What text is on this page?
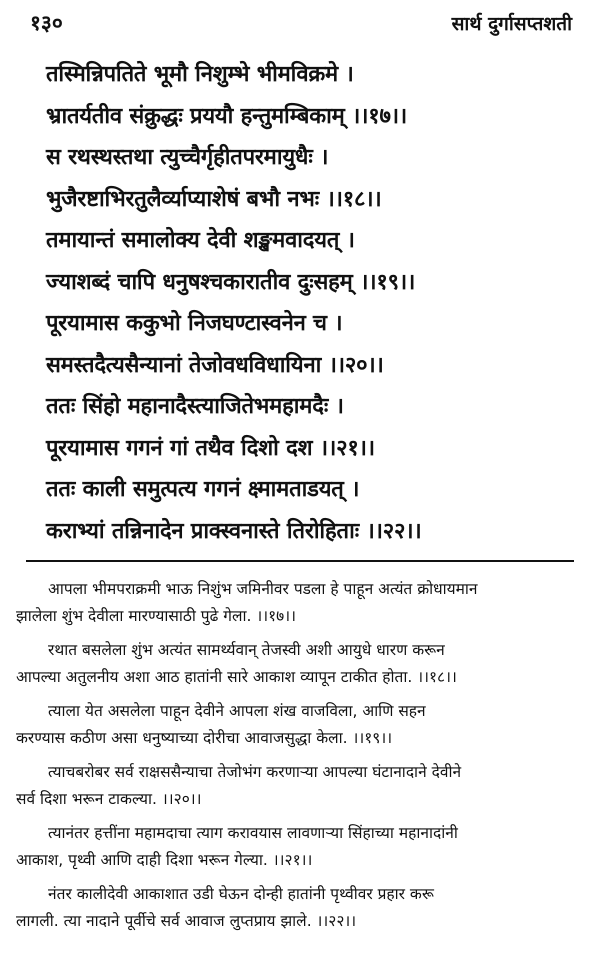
१३०	सार्थ दुर्गासप्तशती
तस्मिन्निपतिते भूमौ निशुम्भे भीमविक्रमे ।
भ्रातर्यतीव संक्रुद्धः प्रययौ हन्तुमम्बिकाम् ।।१७।।
स रथस्थस्तथा त्युच्चैर्गृहीतपरमायुधैः ।
भुजैरष्टाभिरतुलैर्व्याप्याशेषं बभौ नभः ।।१८।।
तमायान्तं समालोक्य देवी शङ्खमवादयत् ।
ज्याशब्दं चापि धनुषश्चकारातीव दुःसहम् ।।१९।।
पूरयामास ककुभो निजघण्टास्वनेन च ।
समस्तदैत्यसैन्यानां तेजोवधविधायिना ।।२०।।
ततः सिंहो महानादैस्त्याजितेभमहामदैः ।
पूरयामास गगनं गां तथैव दिशो दश ।।२१।।
ततः काली समुत्पत्य गगनं क्ष्मामताडयत् ।
कराभ्यां तन्निनादेन प्राक्स्वनास्ते तिरोहिताः ।।२२।।
आपला भीमपराक्रमी भाऊ निशुंभ जमिनीवर पडला हे पाहून अत्यंत क्रोधायमान
झालेला शुंभ देवीला मारण्यासाठी पुढे गेला. ।।१७।।
रथात बसलेला शुंभ अत्यंत सामर्थ्यवान् तेजस्वी अशी आयुधे धारण करून
आपल्या अतुलनीय अशा आठ हातांनी सारे आकाश व्यापून टाकीत होता. ।।१८।।
त्याला येत असलेला पाहून देवीने आपला शंख वाजविला, आणि सहन
करण्यास कठीण असा धनुष्याच्या दोरीचा आवाजसुद्धा केला. ।।१९।।
त्याचबरोबर सर्व राक्षससैन्याचा तेजोभंग करणाऱ्या आपल्या घंटानादाने देवीने
सर्व दिशा भरून टाकल्या. ।।२०।।
त्यानंतर हत्तींना महामदाचा त्याग करावयास लावणाऱ्या सिंहाच्या महानादांनी
आकाश, पृथ्वी आणि दाही दिशा भरून गेल्या. ।।२१।।
नंतर कालीदेवी आकाशात उडी घेऊन दोन्ही हातांनी पृथ्वीवर प्रहार करू
लागली. त्या नादाने पूर्वीचे सर्व आवाज लुप्तप्राय झाले. ।।२२।।
